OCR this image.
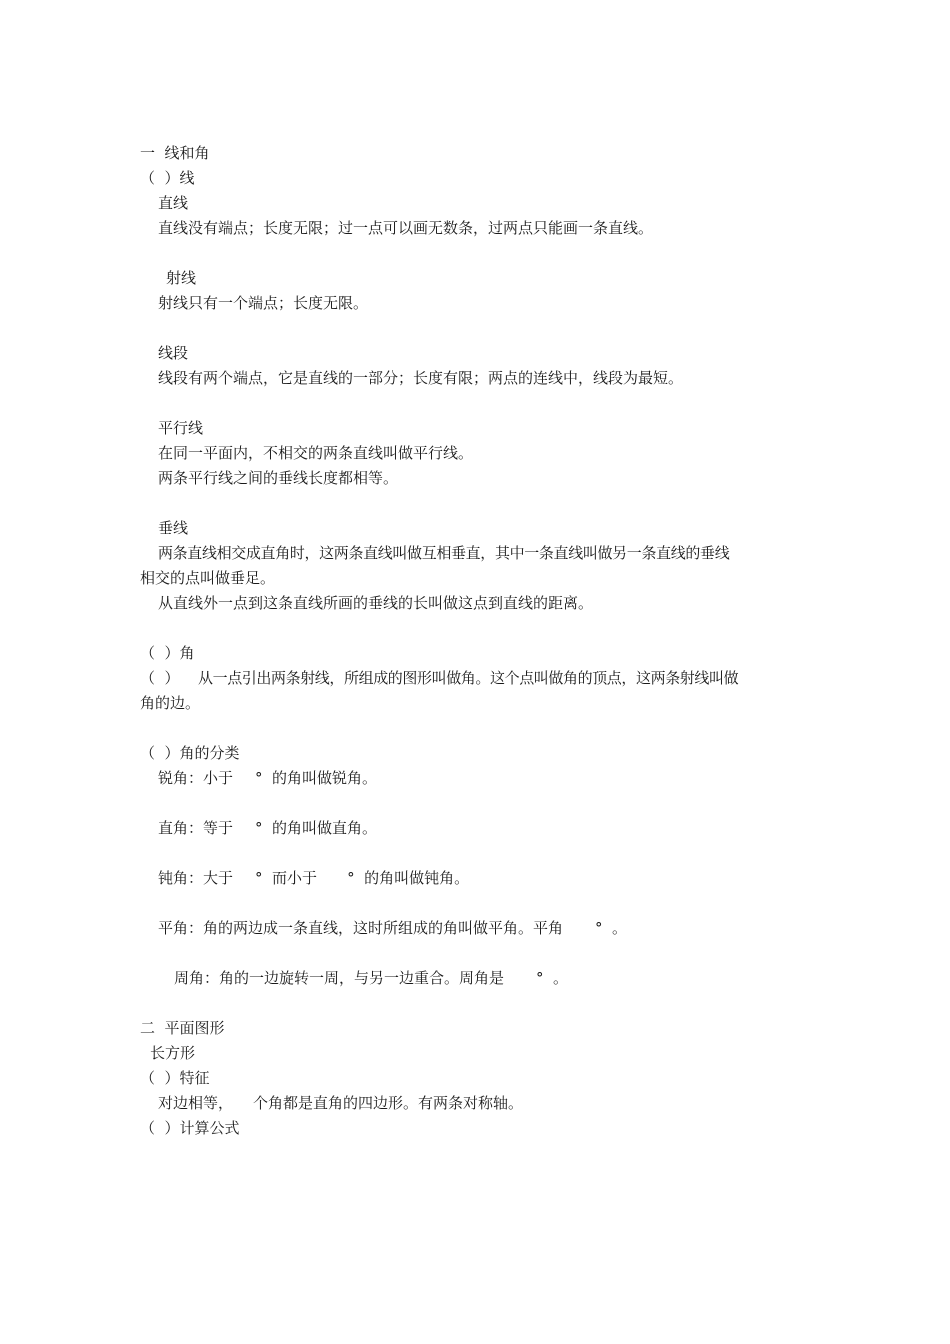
一  线和角
（  ）线
直线
直线没有端点；长度无限；过一点可以画无数条，过两点只能画一条直线。
射线
射线只有一个端点；长度无限。
线段
线段有两个端点，它是直线的一部分；长度有限；两点的连线中，线段为最短。
平行线
在同一平面内，不相交的两条直线叫做平行线。
两条平行线之间的垂线长度都相等。
垂线
两条直线相交成直角时，这两条直线叫做互相垂直，其中一条直线叫做另一条直线的垂线
相交的点叫做垂足。
从直线外一点到这条直线所画的垂线的长叫做这点到直线的距离。
（  ）角
（  ） 从一点引出两条射线，所组成的图形叫做角。这个点叫做角的顶点，这两条射线叫做
角的边。
（  ）角的分类
锐角：小于 °  的角叫做锐角。
直角：等于 °  的角叫做直角。
钝角：大于 °  而小于 °  的角叫做钝角。
平角：角的两边成一条直线，这时所组成的角叫做平角。平角 °  。
周角：角的一边旋转一周，与另一边重合。周角是 °  。
二  平面图形
长方形
（  ）特征
对边相等， 个角都是直角的四边形。有两条对称轴。
（  ）计算公式
